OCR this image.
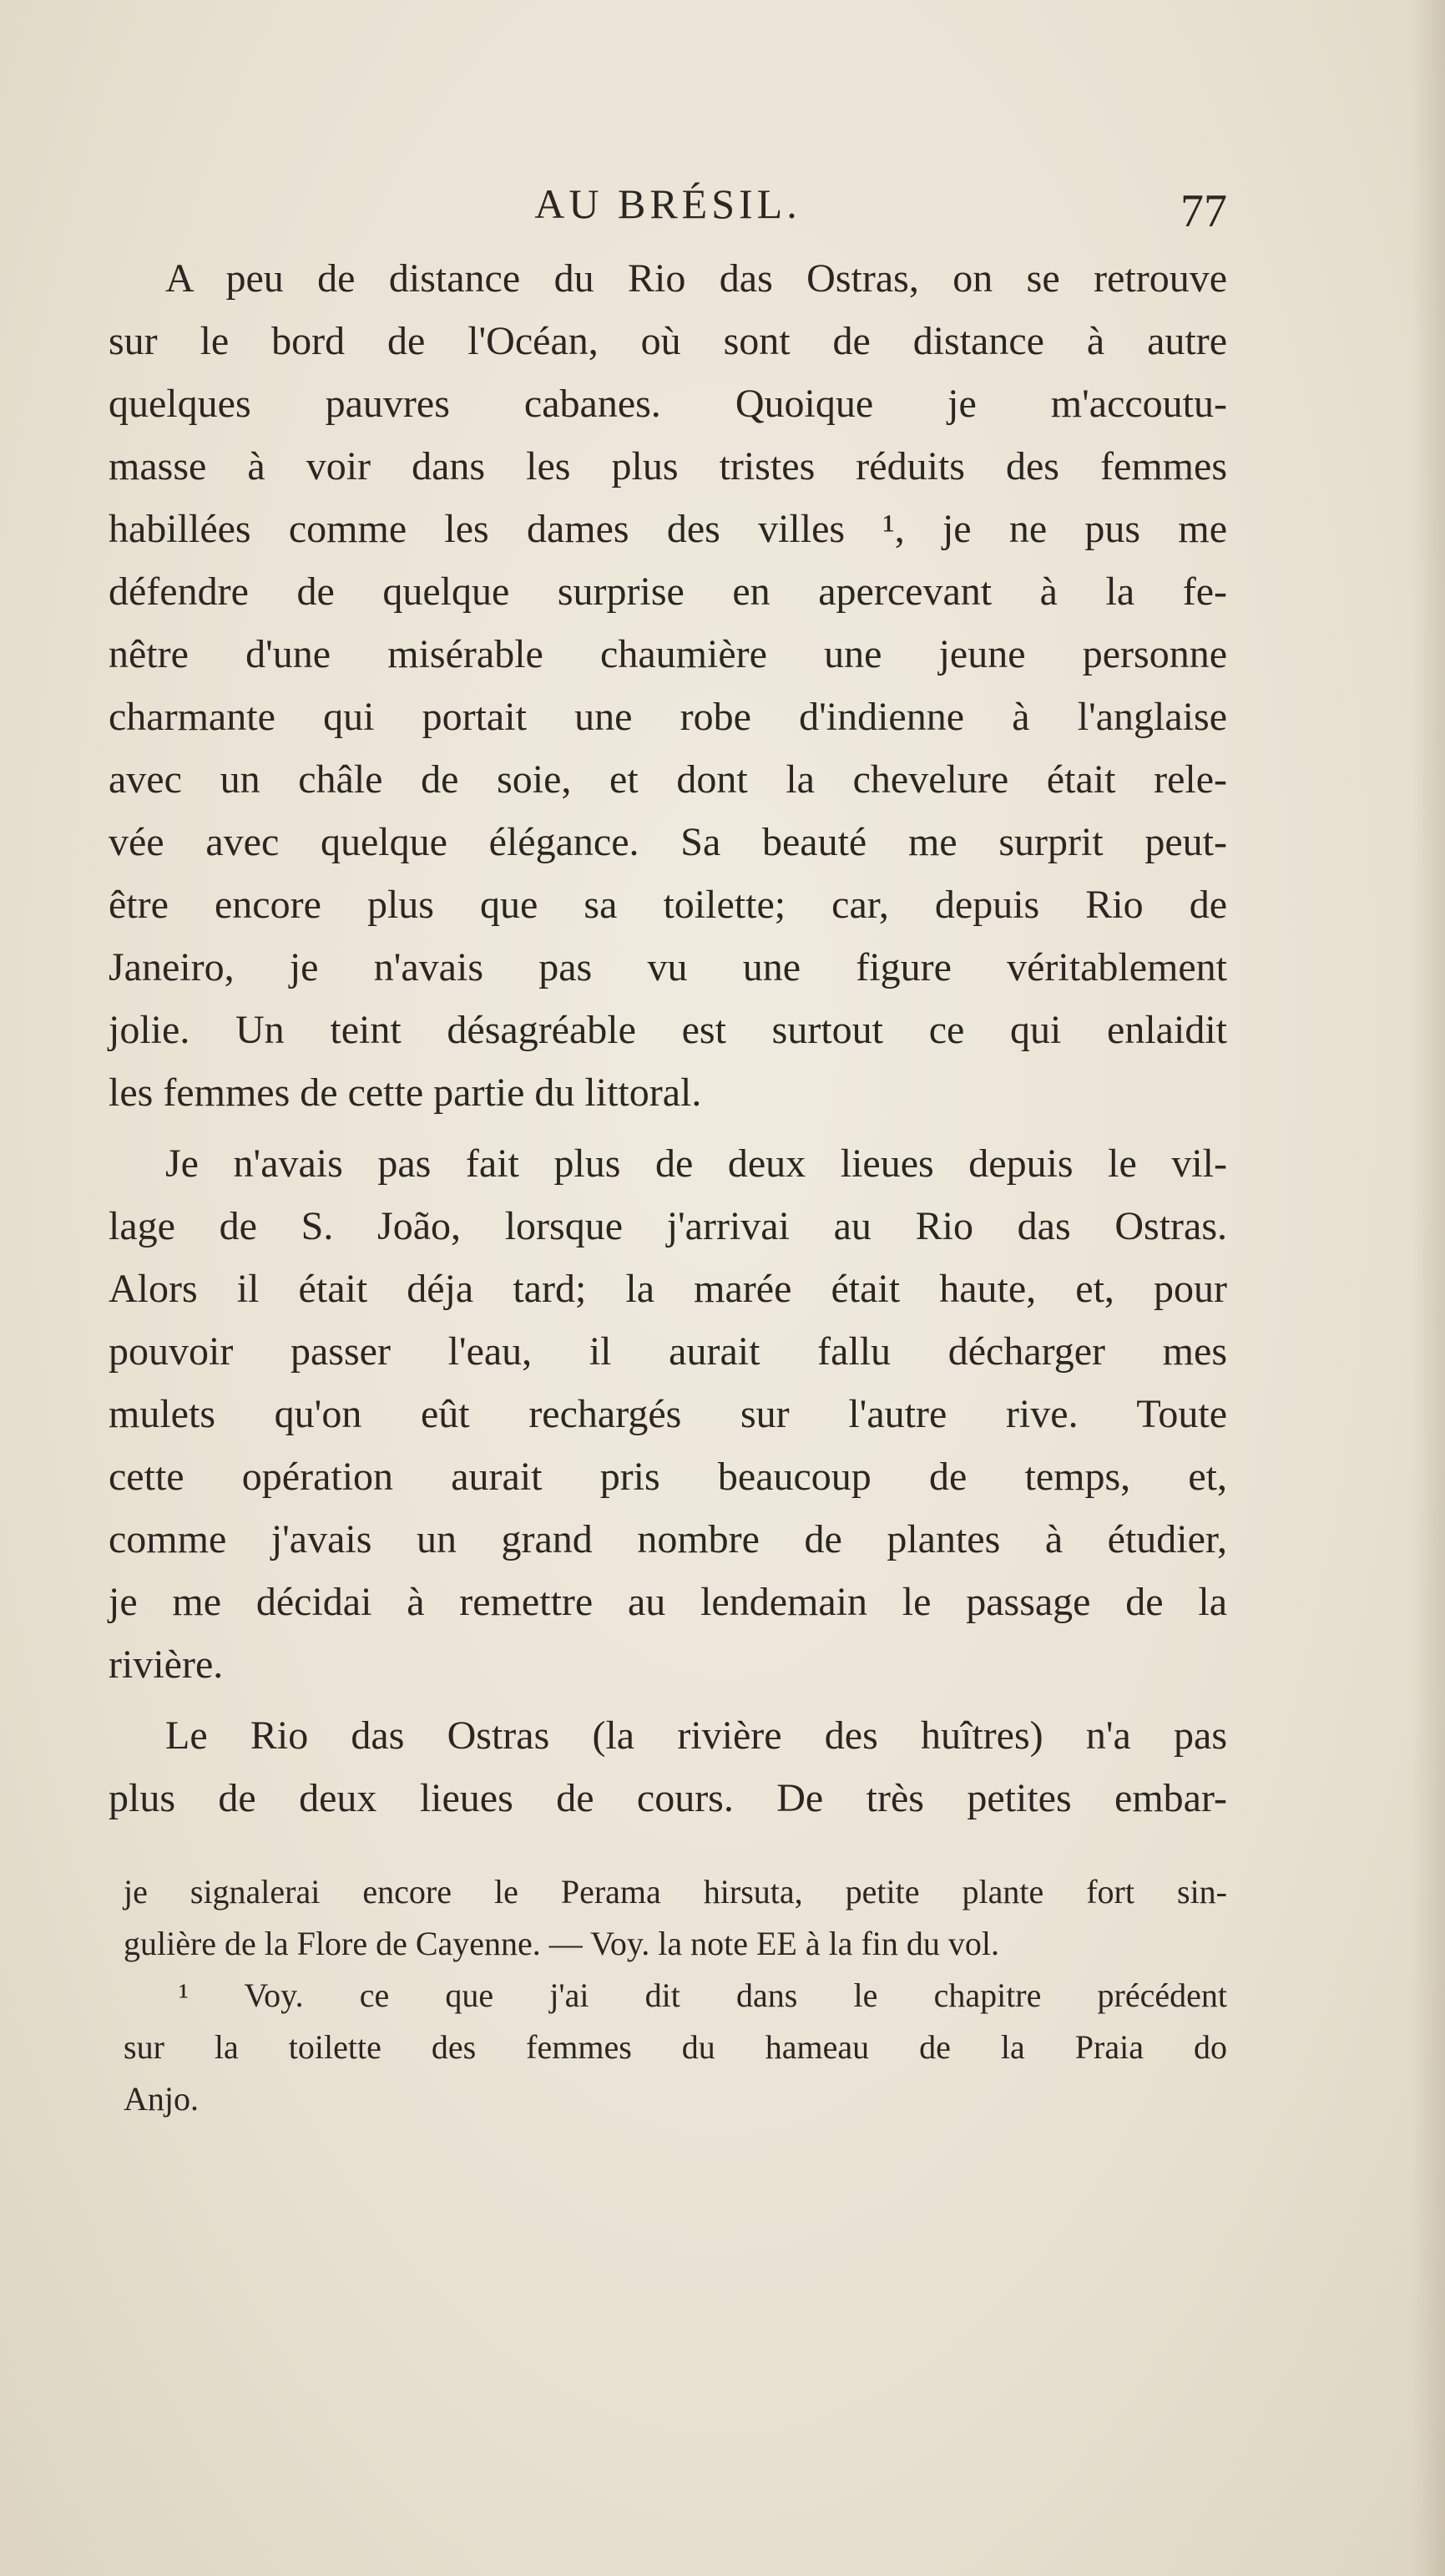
AU BRÉSIL.	77
A peu de distance du Rio das Ostras, on se retrouve
sur le bord de l'Océan, où sont de distance à autre
quelques pauvres cabanes. Quoique je m'accoutu-
masse à voir dans les plus tristes réduits des femmes
habillées comme les dames des villes ¹, je ne pus me
défendre de quelque surprise en apercevant à la fe-
nêtre d'une misérable chaumière une jeune personne
charmante qui portait une robe d'indienne à l'anglaise
avec un châle de soie, et dont la chevelure était rele-
vée avec quelque élégance. Sa beauté me surprit peut-
être encore plus que sa toilette; car, depuis Rio de
Janeiro, je n'avais pas vu une figure véritablement
jolie. Un teint désagréable est surtout ce qui enlaidit
les femmes de cette partie du littoral.
Je n'avais pas fait plus de deux lieues depuis le vil-
lage de S. João, lorsque j'arrivai au Rio das Ostras.
Alors il était déja tard; la marée était haute, et, pour
pouvoir passer l'eau, il aurait fallu décharger mes
mulets qu'on eût rechargés sur l'autre rive. Toute
cette opération aurait pris beaucoup de temps, et,
comme j'avais un grand nombre de plantes à étudier,
je me décidai à remettre au lendemain le passage de la
rivière.
Le Rio das Ostras (la rivière des huîtres) n'a pas
plus de deux lieues de cours. De très petites embar-
je signalerai encore le Perama hirsuta, petite plante fort sin-
gulière de la Flore de Cayenne. — Voy. la note EE à la fin du vol.
¹ Voy. ce que j'ai dit dans le chapitre précédent
sur la toilette des femmes du hameau de la Praia do
Anjo.
